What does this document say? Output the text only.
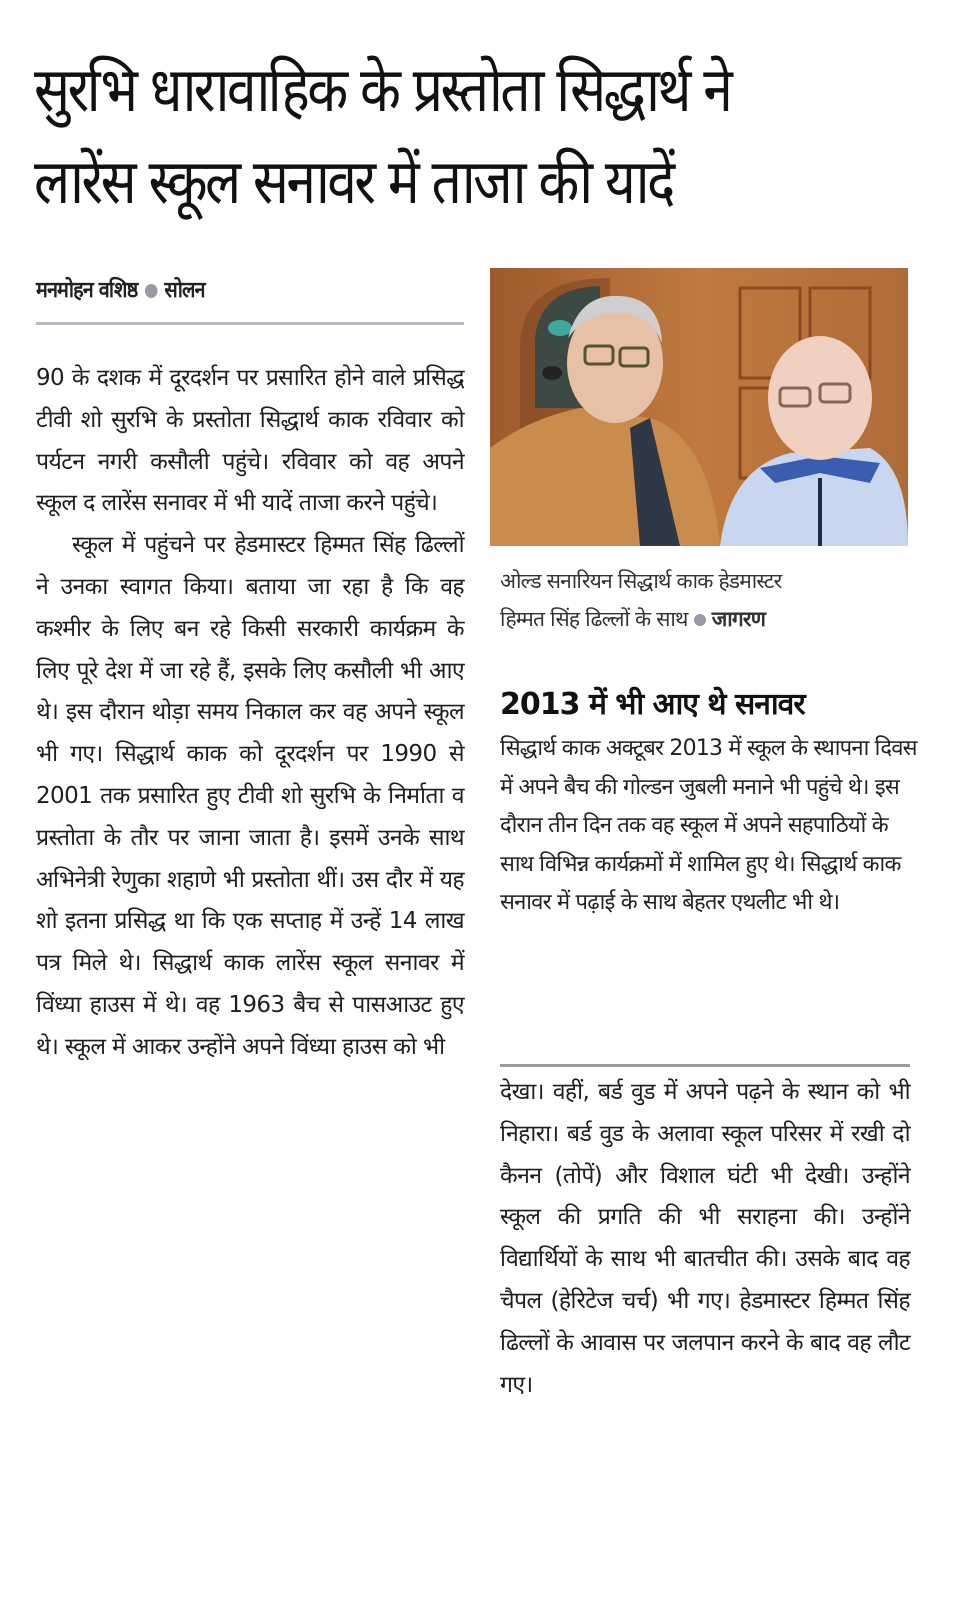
सुरभि धारावाहिक के प्रस्तोता सिद्धार्थ ने
लारेंस स्कूल सनावर में ताजा की यादें
मनमोहन वशिष्ठ सोलन

90 के दशक में दूरदर्शन पर प्रसारित होने वाले प्रसिद्ध टीवी शो सुरभि के प्रस्तोता सिद्धार्थ काक रविवार को पर्यटन नगरी कसौली पहुंचे। रविवार को वह अपने स्कूल द लारेंस सनावर में भी यादें ताजा करने पहुंचे।

स्कूल में पहुंचने पर हेडमास्टर हिम्मत सिंह ढिल्लों ने उनका स्वागत किया। बताया जा रहा है कि वह कश्मीर के लिए बन रहे किसी सरकारी कार्यक्रम के लिए पूरे देश में जा रहे हैं, इसके लिए कसौली भी आए थे। इस दौरान थोड़ा समय निकाल कर वह अपने स्कूल भी गए। सिद्धार्थ काक को दूरदर्शन पर 1990 से 2001 तक प्रसारित हुए टीवी शो सुरभि के निर्माता व प्रस्तोता के तौर पर जाना जाता है। इसमें उनके साथ अभिनेत्री रेणुका शहाणे भी प्रस्तोता थीं। उस दौर में यह शो इतना प्रसिद्ध था कि एक सप्ताह में उन्हें 14 लाख पत्र मिले थे। सिद्धार्थ काक लारेंस स्कूल सनावर में विंध्या हाउस में थे। वह 1963 बैच से पासआउट हुए थे। स्कूल में आकर उन्होंने अपने विंध्या हाउस को भी

ओल्ड सनारियन सिद्धार्थ काक हेडमास्टर
हिम्मत सिंह ढिल्लों के साथ जागरण
2013 में भी आए थे सनावर

सिद्धार्थ काक अक्टूबर 2013 में स्कूल के स्थापना दिवस में अपने बैच की गोल्डन जुबली मनाने भी पहुंचे थे। इस दौरान तीन दिन तक वह स्कूल में अपने सहपाठियों के साथ विभिन्न कार्यक्रमों में शामिल हुए थे। सिद्धार्थ काक सनावर में पढ़ाई के साथ बेहतर एथलीट भी थे।

देखा। वहीं, बर्ड वुड में अपने पढ़ने के स्थान को भी निहारा। बर्ड वुड के अलावा स्कूल परिसर में रखी दो कैनन (तोपें) और विशाल घंटी भी देखी। उन्होंने स्कूल की प्रगति की भी सराहना की। उन्होंने विद्यार्थियों के साथ भी बातचीत की। उसके बाद वह चैपल (हेरिटेज चर्च) भी गए। हेडमास्टर हिम्मत सिंह ढिल्लों के आवास पर जलपान करने के बाद वह लौट गए।
